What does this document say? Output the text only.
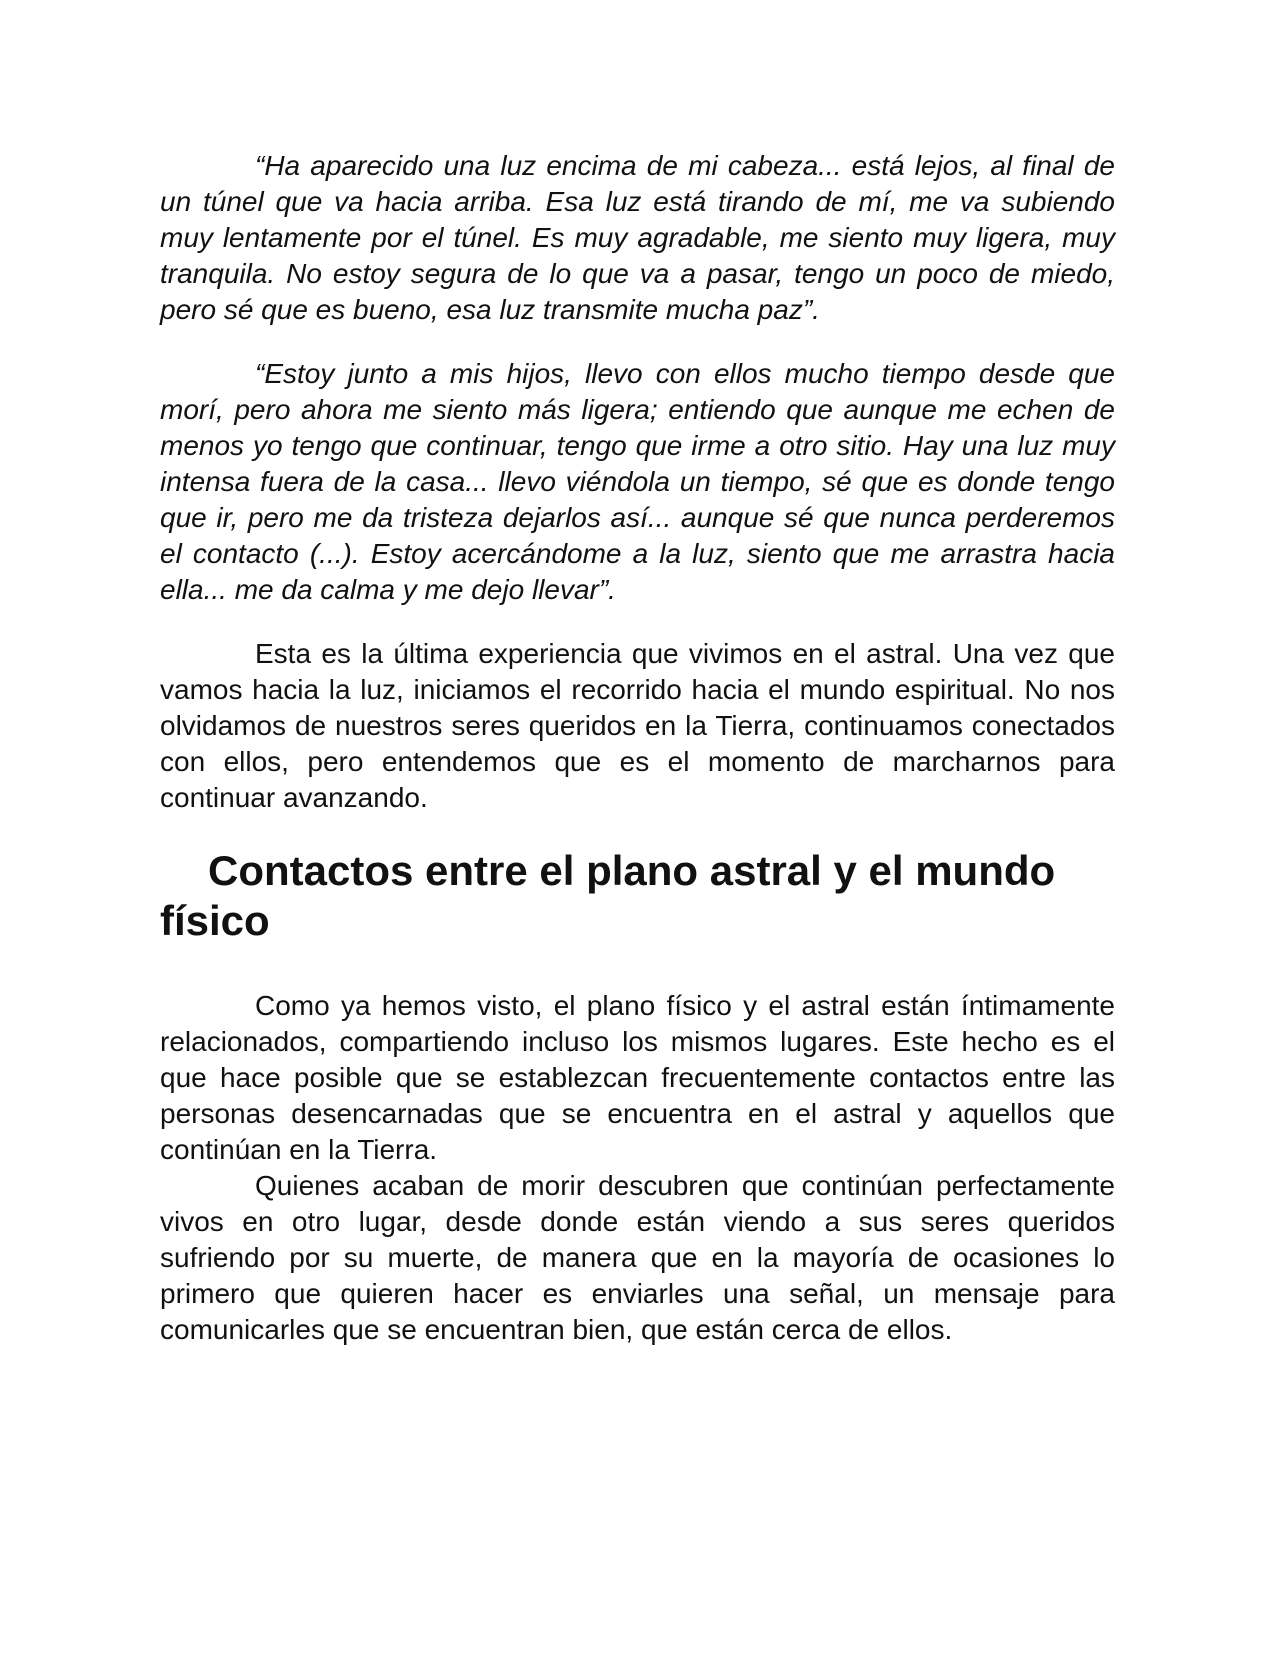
“Ha aparecido una luz encima de mi cabeza... está lejos, al final de un túnel que va hacia arriba. Esa luz está tirando de mí, me va subiendo muy lentamente por el túnel. Es muy agradable, me siento muy ligera, muy tranquila. No estoy segura de lo que va a pasar, tengo un poco de miedo, pero sé que es bueno, esa luz transmite mucha paz”.

“Estoy junto a mis hijos, llevo con ellos mucho tiempo desde que morí, pero ahora me siento más ligera; entiendo que aunque me echen de menos yo tengo que continuar, tengo que irme a otro sitio. Hay una luz muy intensa fuera de la casa... llevo viéndola un tiempo, sé que es donde tengo que ir, pero me da tristeza dejarlos así... aunque sé que nunca perderemos el contacto (...). Estoy acercándome a la luz, siento que me arrastra hacia ella... me da calma y me dejo llevar”.

Esta es la última experiencia que vivimos en el astral. Una vez que vamos hacia la luz, iniciamos el recorrido hacia el mundo espiritual. No nos olvidamos de nuestros seres queridos en la Tierra, continuamos conectados con ellos, pero entendemos que es el momento de marcharnos para continuar avanzando.

Contactos entre el plano astral y el mundo físico

Como ya hemos visto, el plano físico y el astral están íntimamente relacionados, compartiendo incluso los mismos lugares. Este hecho es el que hace posible que se establezcan frecuentemente contactos entre las personas desencarnadas que se encuentra en el astral y aquellos que continúan en la Tierra.

Quienes acaban de morir descubren que continúan perfectamente vivos en otro lugar, desde donde están viendo a sus seres queridos sufriendo por su muerte, de manera que en la mayoría de ocasiones lo primero que quieren hacer es enviarles una señal, un mensaje para comunicarles que se encuentran bien, que están cerca de ellos.
